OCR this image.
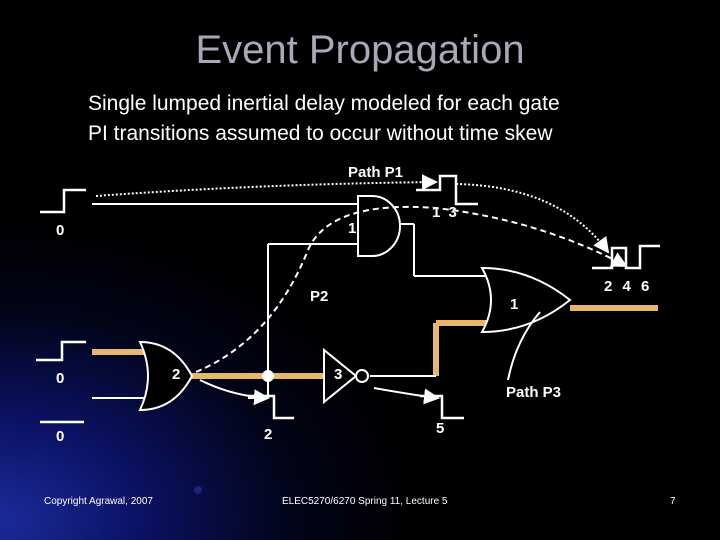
Event Propagation
Single lumped inertial delay modeled for each gate
PI transitions assumed to occur without time skew
Path P1
P2
Path P3
0
0
0
1
1 3
2	3
1
2 4 6
2	5
Copyright Agrawal, 2007	ELEC5270/6270 Spring 11, Lecture 5	7
